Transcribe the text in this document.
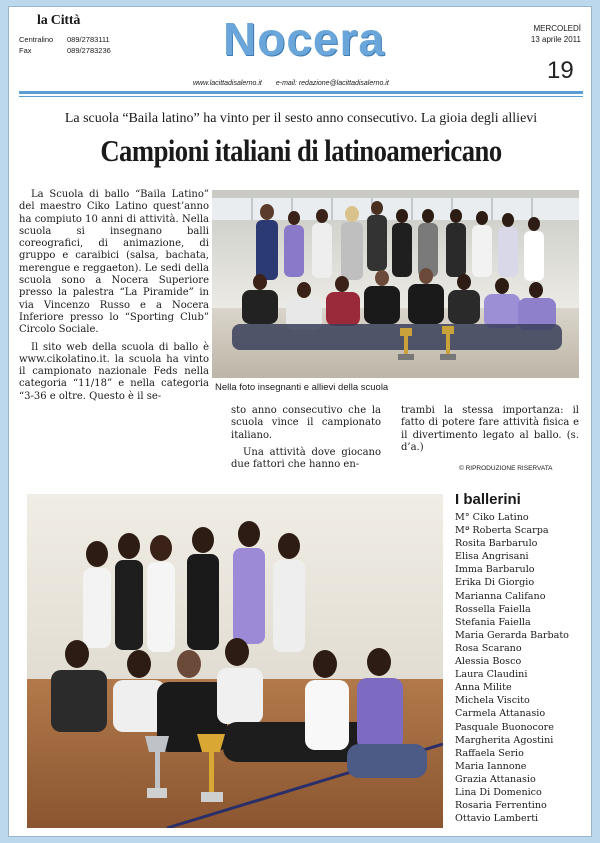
la Città
Centralino 089/2783111
Fax	089/2783236	Nocera	MERCOLEDÌ
13 aprile 2011
19
www.lacittadisalerno.it e-mail: redazione@lacittadisalerno.it
La scuola “Baila latino” ha vinto per il sesto anno consecutivo. La gioia degli allievi
Campioni italiani di latinoamericano

La Scuola di ballo “Baila Latino” del maestro Ciko Latino quest’anno ha compiuto 10 anni di attività. Nella scuola si insegnano balli coreografici, di animazione, di gruppo e caraibici (salsa, bachata, merengue e reggaeton). Le sedi della scuola sono a Nocera Superiore presso la palestra “La Piramide” in via Vincenzo Russo e a Nocera Inferiore presso lo “Sporting Club” Circolo Sociale.

Il sito web della scuola di ballo è www.cikolatino.it. la scuola ha vinto il campionato nazionale Feds nella categoria “11/18” e nella categoria “3-36 e oltre. Questo è il se-

Nella foto insegnanti e allievi della scuola

sto anno consecutivo che la scuola vince il campionato italiano.

Una attività dove giocano due fattori che hanno en-

trambi la stessa importanza: il fatto di potere fare attività fisica e il divertimento legato al ballo. (s. d’a.)

© RIPRODUZIONE RISERVATA
I ballerini
M° Ciko Latino
Mª Roberta Scarpa
Rosita Barbarulo
Elisa Angrisani
Imma Barbarulo
Erika Di Giorgio
Marianna Califano
Rossella Faiella
Stefania Faiella
Maria Gerarda Barbato
Rosa Scarano
Alessia Bosco
Laura Claudini
Anna Milite
Michela Viscito
Carmela Attanasio
Pasquale Buonocore
Margherita Agostini
Raffaela Serio
Maria Iannone
Grazia Attanasio
Lina Di Domenico
Rosaria Ferrentino
Ottavio Lamberti
